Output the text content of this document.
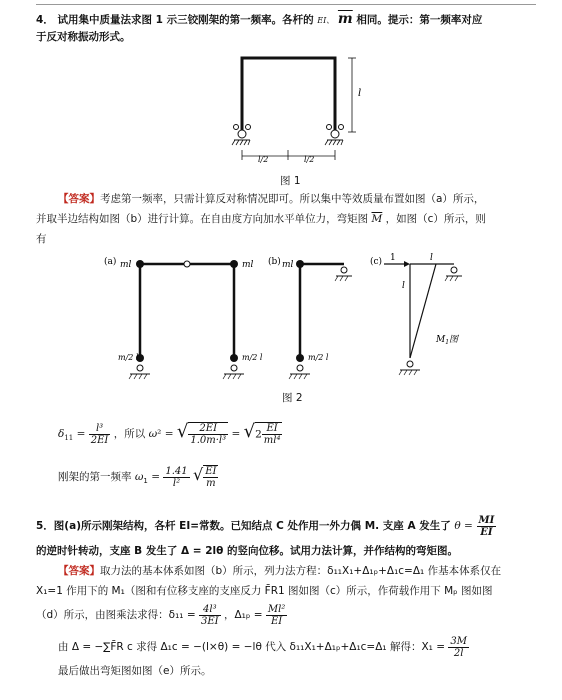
4． 试用集中质量法求图 1 示三铰刚架的第一频率。各杆的 EI、 $\overline{m}$ 相同。提示：第一频率对应
于反对称振动形式。
l
l/2	l/2
图 1
【答案】考虑第一频率，只需计算反对称情况即可。所以集中等效质量布置如图（a）所示，
并取半边结构如图（b）进行计算。在自由度方向加水平单位力，弯矩图 $\overline{M}$ ，如图（c）所示，则
有
(a) ml	ml
m/2 l	m/2 l
(b) ml
m/2 l
(c) 1	l
l
$M_1$图
图 2
$\delta_{11} = \frac{\text{l³}}{2EI}$ ，所以 ω² = √ $\frac{2EI}{\text{1.0m·l³}} = √2 \frac{EI}{\text{ml⁴}}$
刚架的第一频率 $\omega_1 = \frac{1.41}{\text{l²}}$ √ $\frac{EI}{m}$
5．图(a)所示刚架结构，各杆 EI=常数。已知结点 C 处作用一外力偶 M. 支座 A 发生了 $\theta = \frac{MI}{EI}$
的逆时针转动，支座 B 发生了 Δ = 2lθ 的竖向位移。试用力法计算，并作结构的弯矩图。
【答案】取力法的基本体系如图（b）所示，列力法方程：δ₁₁X₁+Δ₁ₚ+Δ₁c=Δ₁ 作基本体系仅在
X₁=1 作用下的 M₁（图和有位移支座的支座反力 F̄R1 图如图（c）所示，作荷载作用下 Mₚ 图如图
（d）所示，由图乘法求得：$\delta_{11} = \frac{\text{4l³}}{3EI}$ ，$\Delta_{1p} = \frac{\text{Ml²}}{EI}$
由 Δ = −∑F̄R c 求得 Δ₁c = −(l×θ) = −lθ 代入 δ₁₁X₁+Δ₁ₚ+Δ₁c=Δ₁ 解得：$X_1 = \frac{3M}{2l}$
最后做出弯矩图如图（e）所示。
